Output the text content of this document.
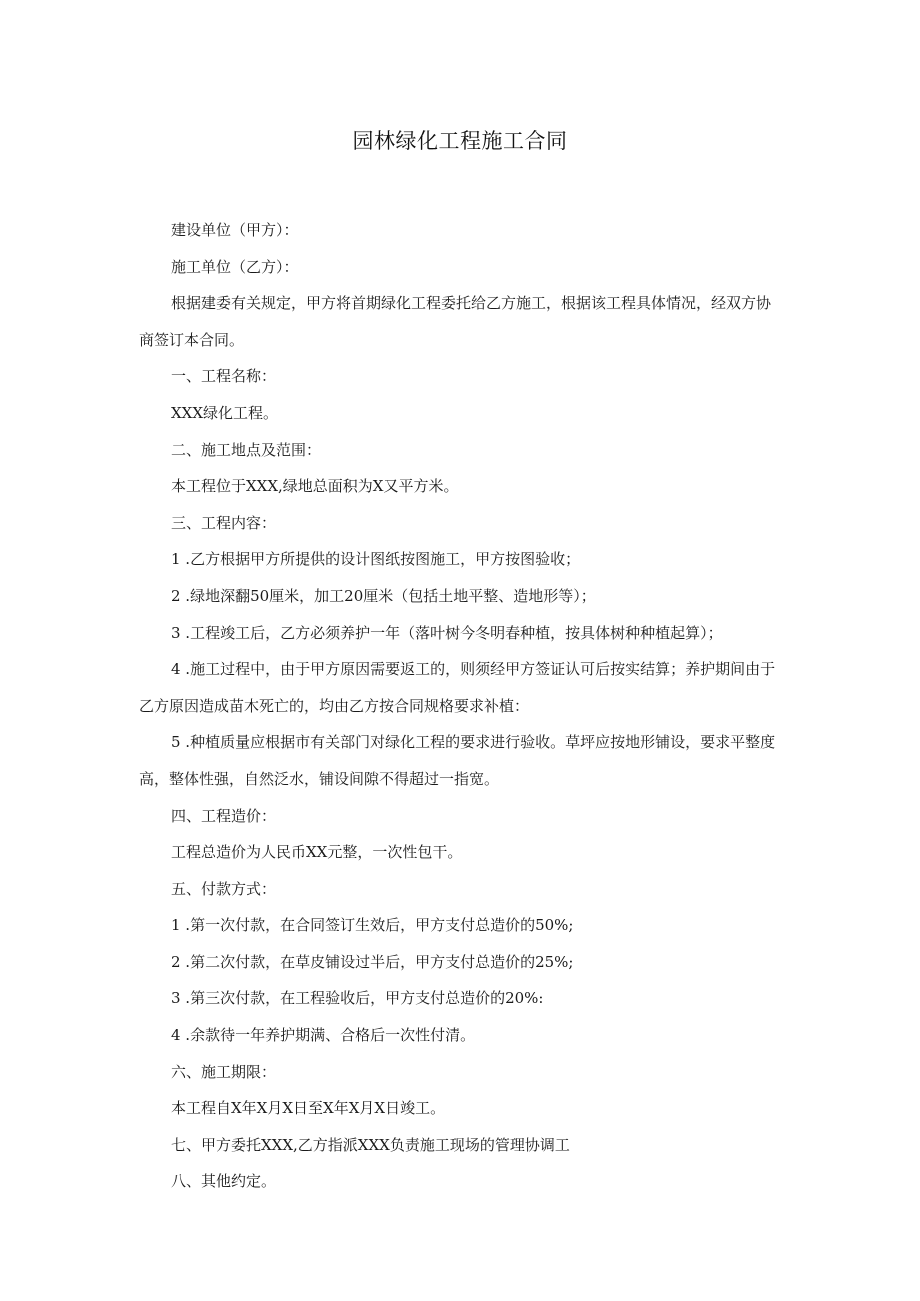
园林绿化工程施工合同

建设单位（甲方）：

施工单位（乙方）：

根据建委有关规定，甲方将首期绿化工程委托给乙方施工，根据该工程具体情况，经双方协商签订本合同。

一、工程名称：

XXX绿化工程。

二、施工地点及范围：

本工程位于XXX,绿地总面积为X又平方米。

三、工程内容：

1 .乙方根据甲方所提供的设计图纸按图施工，甲方按图验收；

2 .绿地深翻50厘米，加工20厘米（包括土地平整、造地形等）；

3 .工程竣工后，乙方必须养护一年（落叶树今冬明春种植，按具体树种种植起算）；

4 .施工过程中，由于甲方原因需要返工的，则须经甲方签证认可后按实结算；养护期间由于乙方原因造成苗木死亡的，均由乙方按合同规格要求补植：

5 .种植质量应根据市有关部门对绿化工程的要求进行验收。草坪应按地形铺设，要求平整度高，整体性强，自然泛水，铺设间隙不得超过一指宽。

四、工程造价：

工程总造价为人民币XX元整，一次性包干。

五、付款方式：

1 .第一次付款，在合同签订生效后，甲方支付总造价的50%;

2 .第二次付款，在草皮铺设过半后，甲方支付总造价的25%;

3 .第三次付款，在工程验收后，甲方支付总造价的20%:

4 .余款待一年养护期满、合格后一次性付清。

六、施工期限：

本工程自X年X月X日至X年X月X日竣工。

七、甲方委托XXX,乙方指派XXX负责施工现场的管理协调工

八、其他约定。
